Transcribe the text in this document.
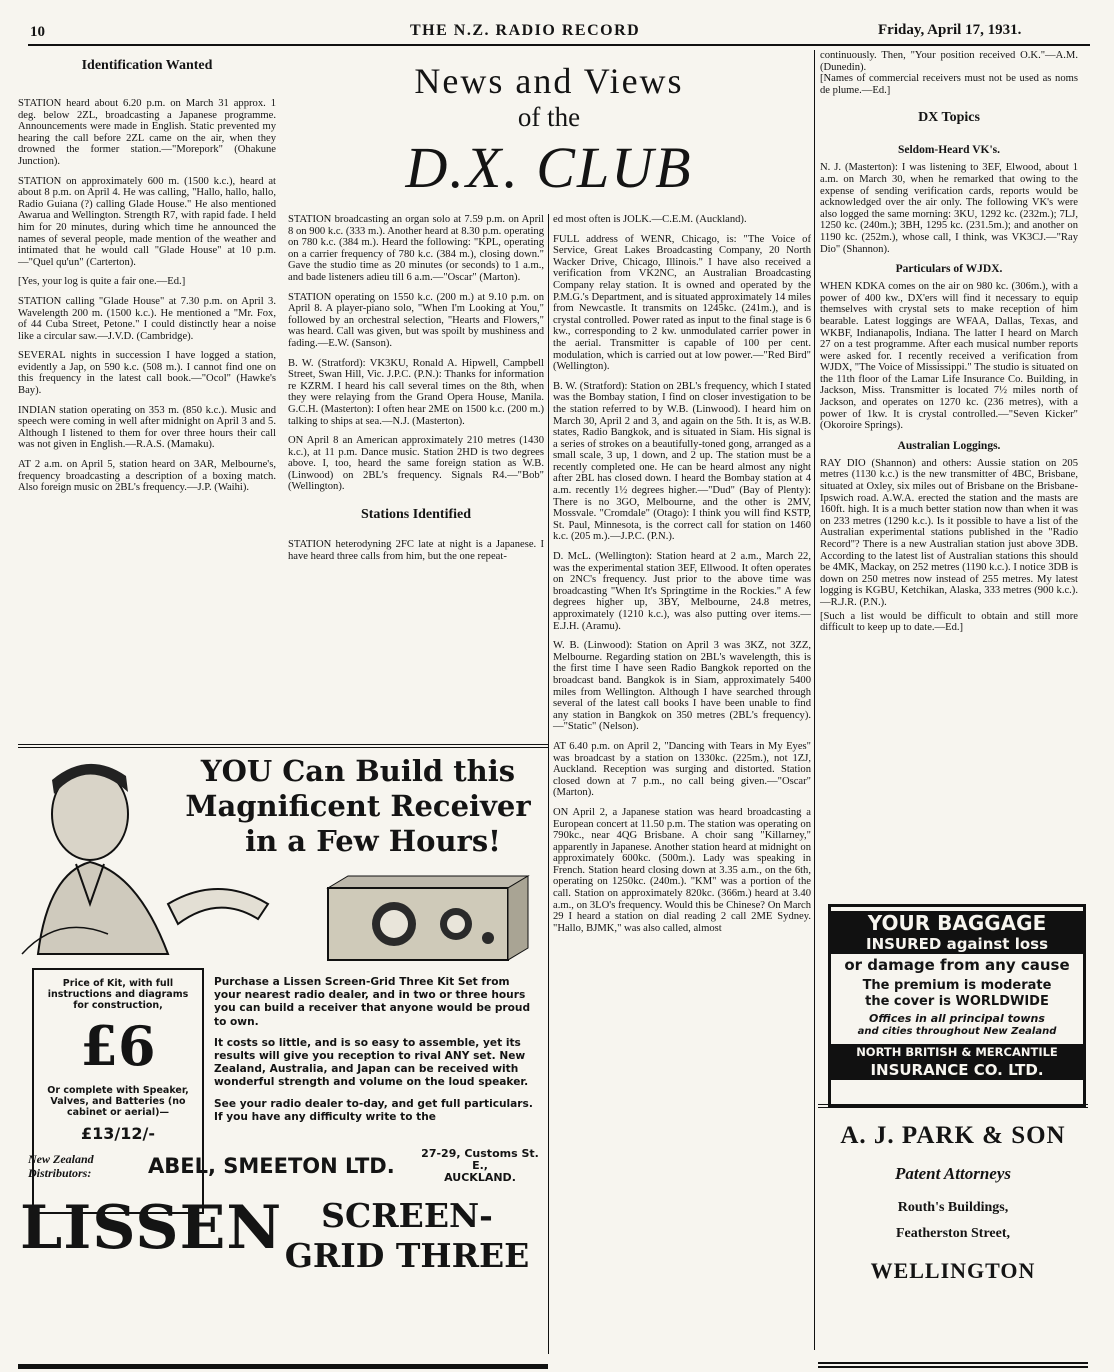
10	THE N.Z. RADIO RECORD	Friday, April 17, 1931.
News and Views
of the
D.X. CLUB
Identification Wanted

STATION heard about 6.20 p.m. on March 31 approx. 1 deg. below 2ZL, broadcasting a Japanese programme. Announcements were made in English. Static prevented my hearing the call before 2ZL came on the air, when they drowned the former station.—"Morepork" (Ohakune Junction).

STATION on approximately 600 m. (1500 k.c.), heard at about 8 p.m. on April 4. He was calling, "Hallo, hallo, hallo, Radio Guiana (?) calling Glade House." He also mentioned Awarua and Wellington. Strength R7, with rapid fade. I held him for 20 minutes, during which time he announced the names of several people, made mention of the weather and intimated that he would call "Glade House" at 10 p.m.—"Quel qu'un" (Carterton).

[Yes, your log is quite a fair one.—Ed.]

STATION calling "Glade House" at 7.30 p.m. on April 3. Wavelength 200 m. (1500 k.c.). He mentioned a "Mr. Fox, of 44 Cuba Street, Petone." I could distinctly hear a noise like a circular saw.—J.V.D. (Cambridge).

SEVERAL nights in succession I have logged a station, evidently a Jap, on 590 k.c. (508 m.). I cannot find one on this frequency in the latest call book.—"Ocol" (Hawke's Bay).

INDIAN station operating on 353 m. (850 k.c.). Music and speech were coming in well after midnight on April 3 and 5. Although I listened to them for over three hours their call was not given in English.—R.A.S. (Mamaku).

AT 2 a.m. on April 5, station heard on 3AR, Melbourne's, frequency broadcasting a description of a boxing match. Also foreign music on 2BL's frequency.—J.P. (Waihi).

STATION broadcasting an organ solo at 7.59 p.m. on April 8 on 900 k.c. (333 m.). Another heard at 8.30 p.m. operating on 780 k.c. (384 m.). Heard the following: "KPL, operating on a carrier frequency of 780 k.c. (384 m.), closing down." Gave the studio time as 20 minutes (or seconds) to 1 a.m., and bade listeners adieu till 6 a.m.—"Oscar" (Marton).

STATION operating on 1550 k.c. (200 m.) at 9.10 p.m. on April 8. A player-piano solo, "When I'm Looking at You," followed by an orchestral selection, "Hearts and Flowers," was heard. Call was given, but was spoilt by mushiness and fading.—E.W. (Sanson).

B. W. (Stratford): VK3KU, Ronald A. Hipwell, Campbell Street, Swan Hill, Vic. J.P.C. (P.N.): Thanks for information re KZRM. I heard his call several times on the 8th, when they were relaying from the Grand Opera House, Manila. G.C.H. (Masterton): I often hear 2ME on 1500 k.c. (200 m.) talking to ships at sea.—N.J. (Masterton).

ON April 8 an American approximately 210 metres (1430 k.c.), at 11 p.m. Dance music. Station 2HD is two degrees above. I, too, heard the same foreign station as W.B. (Linwood) on 2BL's frequency. Signals R4.—"Bob" (Wellington).

Stations Identified

STATION heterodyning 2FC late at night is a Japanese. I have heard three calls from him, but the one repeat-

ed most often is JOLK.—C.E.M. (Auckland).

FULL address of WENR, Chicago, is: "The Voice of Service, Great Lakes Broadcasting Company, 20 North Wacker Drive, Chicago, Illinois." I have also received a verification from VK2NC, an Australian Broadcasting Company relay station. It is owned and operated by the P.M.G.'s Department, and is situated approximately 14 miles from Newcastle. It transmits on 1245kc. (241m.), and is crystal controlled. Power rated as input to the final stage is 6 kw., corresponding to 2 kw. unmodulated carrier power in the aerial. Transmitter is capable of 100 per cent. modulation, which is carried out at low power.—"Red Bird" (Wellington).

B. W. (Stratford): Station on 2BL's frequency, which I stated was the Bombay station, I find on closer investigation to be the station referred to by W.B. (Linwood). I heard him on March 30, April 2 and 3, and again on the 5th. It is, as W.B. states, Radio Bangkok, and is situated in Siam. His signal is a series of strokes on a beautifully-toned gong, arranged as a small scale, 3 up, 1 down, and 2 up. The station must be a recently completed one. He can be heard almost any night after 2BL has closed down. I heard the Bombay station at 4 a.m. recently 1½ degrees higher.—"Dud" (Bay of Plenty): There is no 3GO, Melbourne, and the other is 2MV, Mossvale. "Cromdale" (Otago): I think you will find KSTP, St. Paul, Minnesota, is the correct call for station on 1460 k.c. (205 m.).—J.P.C. (P.N.).

D. McL. (Wellington): Station heard at 2 a.m., March 22, was the experimental station 3EF, Ellwood. It often operates on 2NC's frequency. Just prior to the above time was broadcasting "When It's Springtime in the Rockies." A few degrees higher up, 3BY, Melbourne, 24.8 metres, approximately (1210 k.c.), was also putting over items.—E.J.H. (Aramu).

W. B. (Linwood): Station on April 3 was 3KZ, not 3ZZ, Melbourne. Regarding station on 2BL's wavelength, this is the first time I have seen Radio Bangkok reported on the broadcast band. Bangkok is in Siam, approximately 5400 miles from Wellington. Although I have searched through several of the latest call books I have been unable to find any station in Bangkok on 350 metres (2BL's frequency).—"Static" (Nelson).

AT 6.40 p.m. on April 2, "Dancing with Tears in My Eyes" was broadcast by a station on 1330kc. (225m.), not 1ZJ, Auckland. Reception was surging and distorted. Station closed down at 7 p.m., no call being given.—"Oscar" (Marton).

ON April 2, a Japanese station was heard broadcasting a European concert at 11.50 p.m. The station was operating on 790kc., near 4QG Brisbane. A choir sang "Killarney," apparently in Japanese. Another station heard at midnight on approximately 600kc. (500m.). Lady was speaking in French. Station heard closing down at 3.35 a.m., on the 6th, operating on 1250kc. (240m.). "KM" was a portion of the call. Station on approximately 820kc. (366m.) heard at 3.40 a.m., on 3LO's frequency. Would this be Chinese? On March 29 I heard a station on dial reading 2 call 2ME Sydney. "Hallo, BJMK," was also called, almost

continuously. Then, "Your position received O.K."—A.M. (Dunedin).

[Names of commercial receivers must not be used as noms de plume.—Ed.]

DX Topics
Seldom-Heard VK's.

N. J. (Masterton): I was listening to 3EF, Elwood, about 1 a.m. on March 30, when he remarked that owing to the expense of sending verification cards, reports would be acknowledged over the air only. The following VK's were also logged the same morning: 3KU, 1292 kc. (232m.); 7LJ, 1250 kc. (240m.); 3BH, 1295 kc. (231.5m.); and another on 1190 kc. (252m.), whose call, I think, was VK3CJ.—"Ray Dio" (Shannon).

Particulars of WJDX.

WHEN KDKA comes on the air on 980 kc. (306m.), with a power of 400 kw., DX'ers will find it necessary to equip themselves with crystal sets to make reception of him bearable. Latest loggings are WFAA, Dallas, Texas, and WKBF, Indianapolis, Indiana. The latter I heard on March 27 on a test programme. After each musical number reports were asked for. I recently received a verification from WJDX, "The Voice of Mississippi." The studio is situated on the 11th floor of the Lamar Life Insurance Co. Building, in Jackson, Miss. Transmitter is located 7½ miles north of Jackson, and operates on 1270 kc. (236 metres), with a power of 1kw. It is crystal controlled.—"Seven Kicker" (Okoroire Springs).

Australian Loggings.

RAY DIO (Shannon) and others: Aussie station on 205 metres (1130 k.c.) is the new transmitter of 4BC, Brisbane, situated at Oxley, six miles out of Brisbane on the Brisbane-Ipswich road. A.W.A. erected the station and the masts are 160ft. high. It is a much better station now than when it was on 233 metres (1290 k.c.). Is it possible to have a list of the Australian experimental stations published in the "Radio Record"? There is a new Australian station just above 3DB. According to the latest list of Australian stations this should be 4MK, Mackay, on 252 metres (1190 k.c.). I notice 3DB is down on 250 metres now instead of 255 metres. My latest logging is KGBU, Ketchikan, Alaska, 333 metres (900 k.c.).—R.J.R. (P.N.).

[Such a list would be difficult to obtain and still more difficult to keep up to date.—Ed.]

YOU Can Build this
Magnificent Receiver
in a Few Hours!
Price of Kit, with full instructions and diagrams for construction,
£6
Or complete with Speaker, Valves, and Batteries (no cabinet or aerial)—
£13/12/-

Purchase a Lissen Screen-Grid Three Kit Set from your nearest radio dealer, and in two or three hours you can build a receiver that anyone would be proud to own.

It costs so little, and is so easy to assemble, yet its results will give you reception to rival ANY set. New Zealand, Australia, and Japan can be received with wonderful strength and volume on the loud speaker.

See your radio dealer to-day, and get full particulars. If you have any difficulty write to the

New Zealand Distributors:	ABEL, SMEETON LTD.
27-29, Customs St. E.,
AUCKLAND.
LISSEN	SCREEN-
GRID THREE
YOUR BAGGAGE
INSURED against loss
or damage from any cause
The premium is moderate
the cover is WORLDWIDE
Offices in all principal towns
and cities throughout New Zealand
NORTH BRITISH & MERCANTILE
INSURANCE CO. LTD.
A. J. PARK & SON
Patent Attorneys
Routh's Buildings,
Featherston Street,
WELLINGTON
